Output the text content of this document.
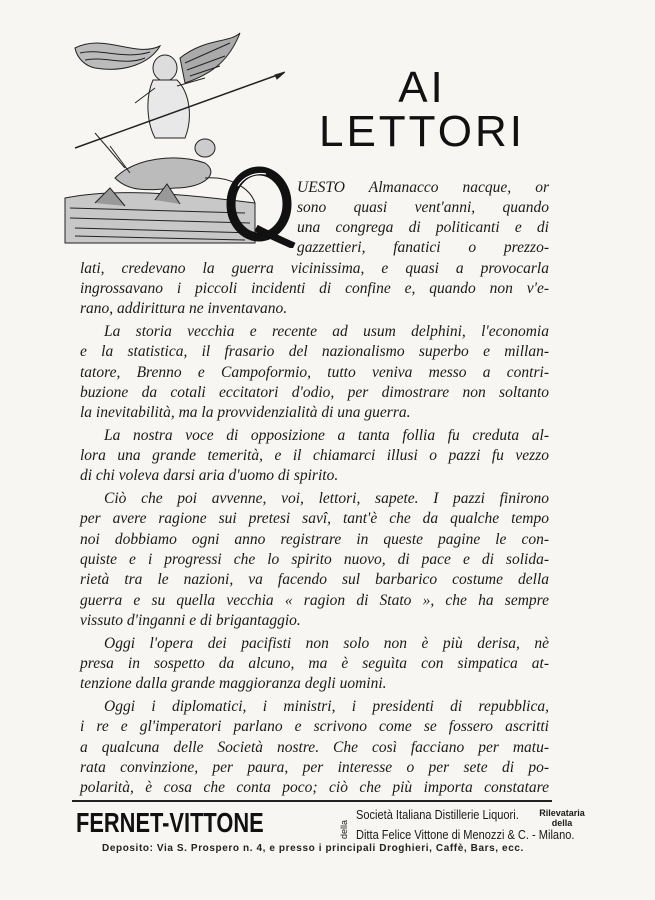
AI LETTORI
Q
UESTO Almanacco nacque, or
sono quasi vent'anni, quando
una congrega di politicanti e di
gazzettieri, fanatici o prezzo-
lati, credevano la guerra vicinissima, e quasi a provocarla
ingrossavano i piccoli incidenti di confine e, quando non v'e-
rano, addirittura ne inventavano.
La storia vecchia e recente ad usum delphini, l'economia
e la statistica, il frasario del nazionalismo superbo e millan-
tatore, Brenno e Campoformio, tutto veniva messo a contri-
buzione da cotali eccitatori d'odio, per dimostrare non soltanto
la inevitabilità, ma la provvidenzialità di una guerra.
La nostra voce di opposizione a tanta follia fu creduta al-
lora una grande temerità, e il chiamarci illusi o pazzi fu vezzo
di chi voleva darsi aria d'uomo di spirito.
Ciò che poi avvenne, voi, lettori, sapete. I pazzi finirono
per avere ragione sui pretesi savî, tant'è che da qualche tempo
noi dobbiamo ogni anno registrare in queste pagine le con-
quiste e i progressi che lo spirito nuovo, di pace e di solida-
rietà tra le nazioni, va facendo sul barbarico costume della
guerra e su quella vecchia « ragion di Stato », che ha sempre
vissuto d'inganni e di brigantaggio.
Oggi l'opera dei pacifisti non solo non è più derisa, nè
presa in sospetto da alcuno, ma è seguìta con simpatica at-
tenzione dalla grande maggioranza degli uomini.
Oggi i diplomatici, i ministri, i presidenti di repubblica,
i re e gl'imperatori parlano e scrivono come se fossero ascritti
a qualcuna delle Società nostre. Che così facciano per matu-
rata convinzione, per paura, per interesse o per sete di po-
polarità, è cosa che conta poco; ciò che più importa constatare
FERNET-VITTONE	della
Società Italiana Distillerie Liquori.
Ditta Felice Vittone di Menozzi & C. - Milano.
Rilevataria
della
Deposito: Via S. Prospero n. 4, e presso i principali Droghieri, Caffè, Bars, ecc.
